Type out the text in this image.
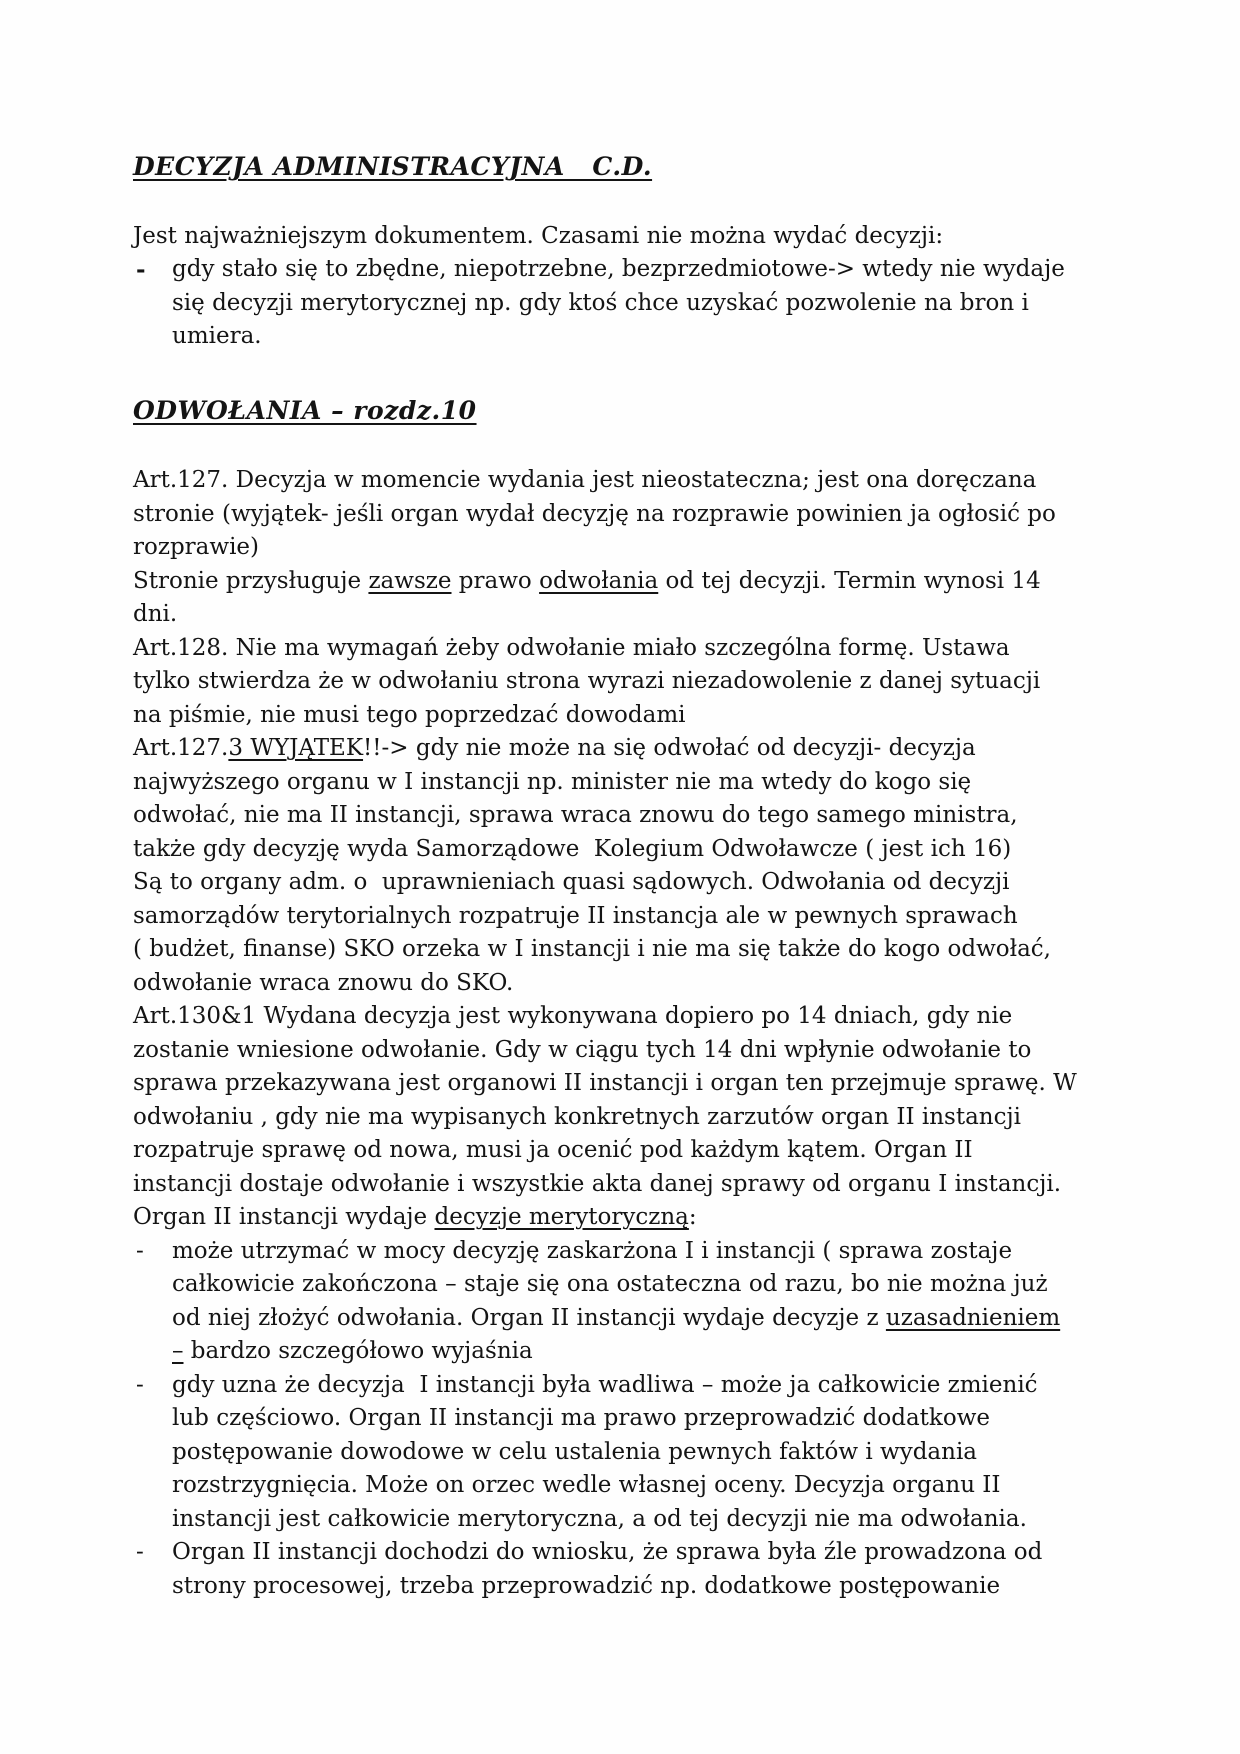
DECYZJA ADMINISTRACYJNA   C.D.
Jest najważniejszym dokumentem. Czasami nie można wydać decyzji:
- gdy stało się to zbędne, niepotrzebne, bezprzedmiotowe-> wtedy nie wydaje
się decyzji merytorycznej np. gdy ktoś chce uzyskać pozwolenie na bron i
umiera.
ODWOŁANIA – rozdz.10
Art.127. Decyzja w momencie wydania jest nieostateczna; jest ona doręczana
stronie (wyjątek- jeśli organ wydał decyzję na rozprawie powinien ja ogłosić po
rozprawie)
Stronie przysługuje zawsze prawo odwołania od tej decyzji. Termin wynosi 14
dni.
Art.128. Nie ma wymagań żeby odwołanie miało szczególna formę. Ustawa
tylko stwierdza że w odwołaniu strona wyrazi niezadowolenie z danej sytuacji
na piśmie, nie musi tego poprzedzać dowodami
Art.127.3 WYJĄTEK!!-> gdy nie może na się odwołać od decyzji- decyzja
najwyższego organu w I instancji np. minister nie ma wtedy do kogo się
odwołać, nie ma II instancji, sprawa wraca znowu do tego samego ministra,
także gdy decyzję wyda Samorządowe  Kolegium Odwoławcze ( jest ich 16)
Są to organy adm. o  uprawnieniach quasi sądowych. Odwołania od decyzji
samorządów terytorialnych rozpatruje II instancja ale w pewnych sprawach
( budżet, finanse) SKO orzeka w I instancji i nie ma się także do kogo odwołać,
odwołanie wraca znowu do SKO.
Art.130&1 Wydana decyzja jest wykonywana dopiero po 14 dniach, gdy nie
zostanie wniesione odwołanie. Gdy w ciągu tych 14 dni wpłynie odwołanie to
sprawa przekazywana jest organowi II instancji i organ ten przejmuje sprawę. W
odwołaniu , gdy nie ma wypisanych konkretnych zarzutów organ II instancji
rozpatruje sprawę od nowa, musi ja ocenić pod każdym kątem. Organ II
instancji dostaje odwołanie i wszystkie akta danej sprawy od organu I instancji.
Organ II instancji wydaje decyzje merytoryczną:
- może utrzymać w mocy decyzję zaskarżona I i instancji ( sprawa zostaje
całkowicie zakończona – staje się ona ostateczna od razu, bo nie można już
od niej złożyć odwołania. Organ II instancji wydaje decyzje z uzasadnieniem
– bardzo szczegółowo wyjaśnia
- gdy uzna że decyzja  I instancji była wadliwa – może ja całkowicie zmienić
lub częściowo. Organ II instancji ma prawo przeprowadzić dodatkowe
postępowanie dowodowe w celu ustalenia pewnych faktów i wydania
rozstrzygnięcia. Może on orzec wedle własnej oceny. Decyzja organu II
instancji jest całkowicie merytoryczna, a od tej decyzji nie ma odwołania.
- Organ II instancji dochodzi do wniosku, że sprawa była źle prowadzona od
strony procesowej, trzeba przeprowadzić np. dodatkowe postępowanie
